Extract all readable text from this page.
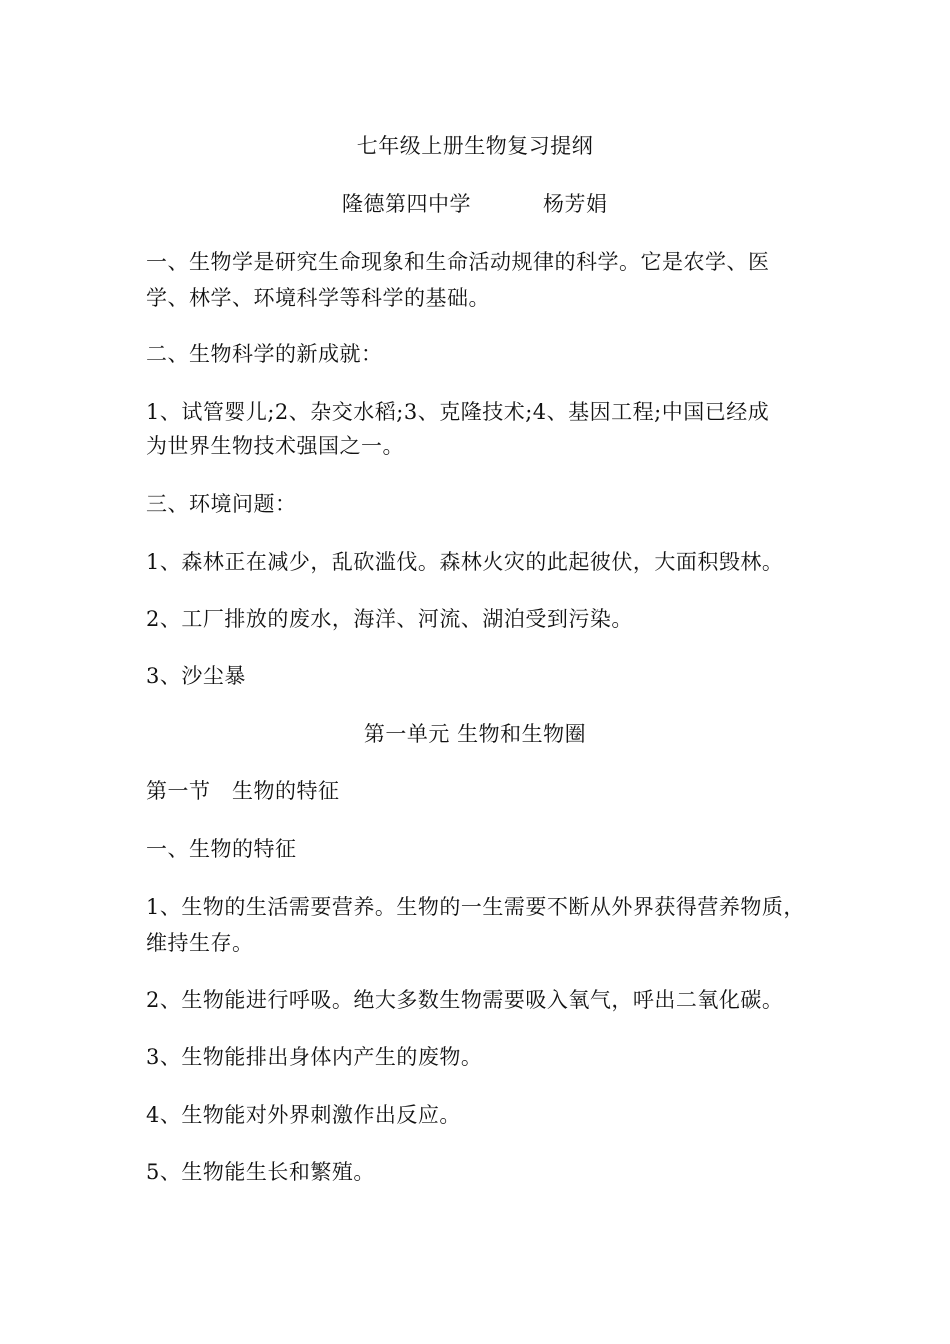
七年级上册生物复习提纲
隆德第四中学	杨芳娟
一、生物学是研究生命现象和生命活动规律的科学。它是农学、医
学、林学、环境科学等科学的基础。
二、生物科学的新成就：
1、试管婴儿;2、杂交水稻;3、克隆技术;4、基因工程;中国已经成
为世界生物技术强国之一。
三、环境问题：
1、森林正在减少，乱砍滥伐。森林火灾的此起彼伏，大面积毁林。
2、工厂排放的废水，海洋、河流、湖泊受到污染。
3、沙尘暴
第一单元 生物和生物圈
第一节　生物的特征
一、生物的特征
1、生物的生活需要营养。生物的一生需要不断从外界获得营养物质，
维持生存。
2、生物能进行呼吸。绝大多数生物需要吸入氧气，呼出二氧化碳。
3、生物能排出身体内产生的废物。
4、生物能对外界刺激作出反应。
5、生物能生长和繁殖。
